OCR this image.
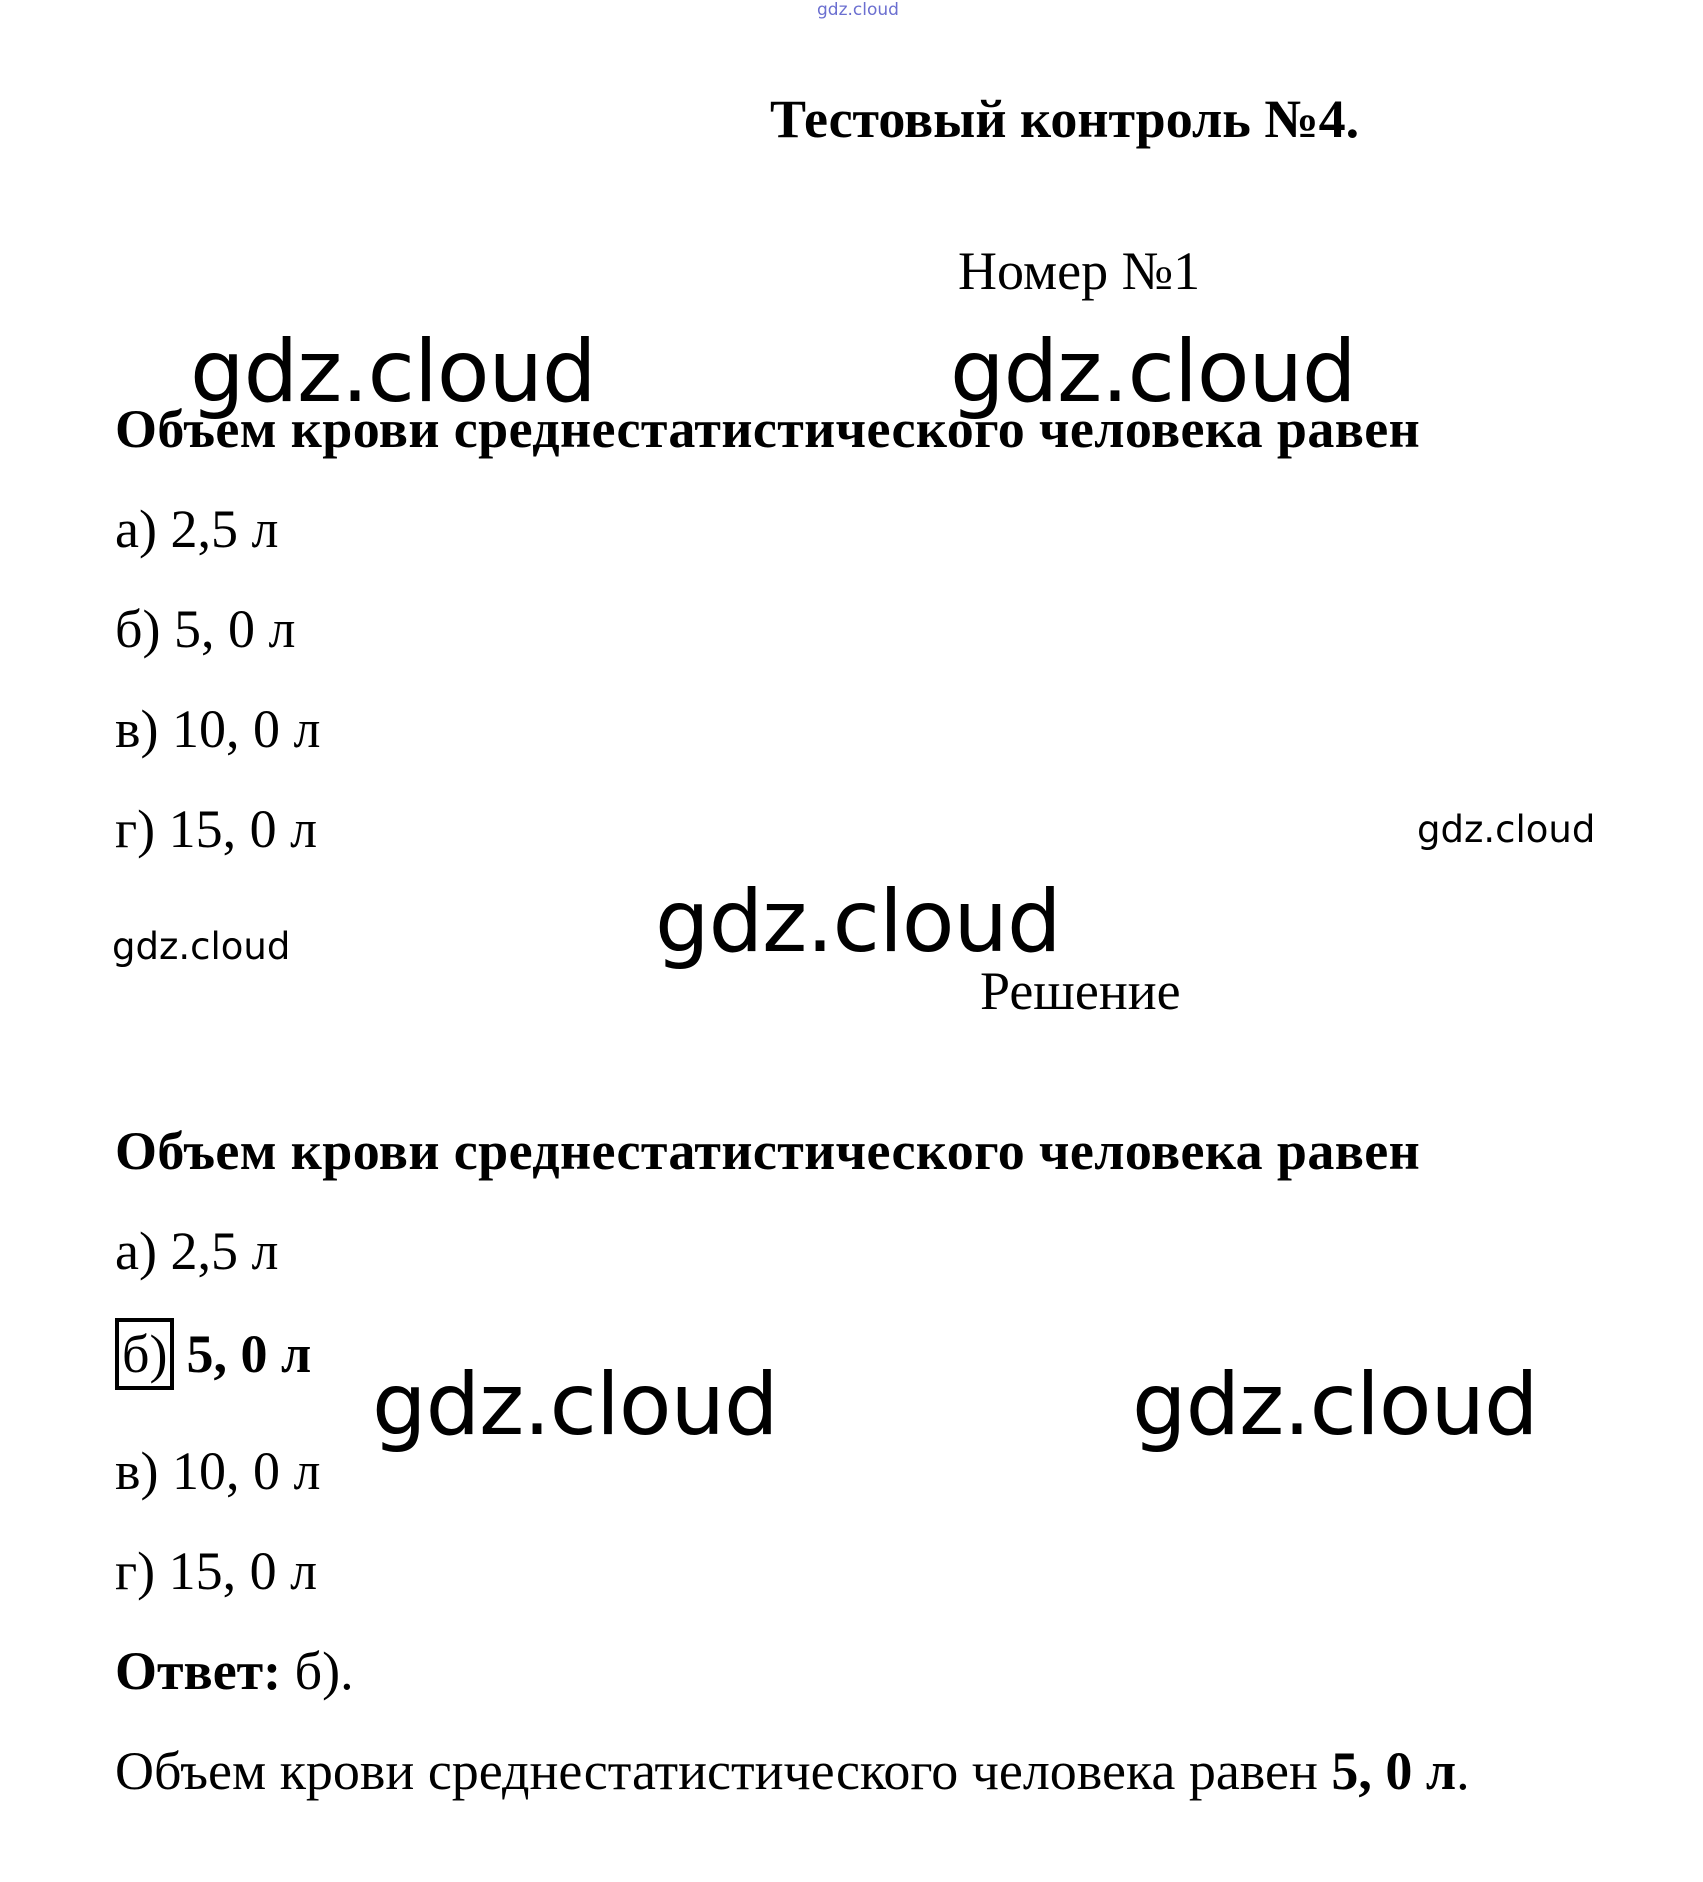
gdz.cloud
Тестовый контроль №4.
Номер №1
gdz.cloud	gdz.cloud
Объем крови среднестатистического человека равен
а) 2,5 л
б) 5, 0 л
в) 10, 0 л
г) 15, 0 л	gdz.cloud
gdz.cloud	gdz.cloud
Решение
Объем крови среднестатистического человека равен
а) 2,5 л
б) 5, 0 л
gdz.cloud	gdz.cloud
в) 10, 0 л
г) 15, 0 л
Ответ: б).
Объем крови среднестатистического человека равен 5, 0 л.
